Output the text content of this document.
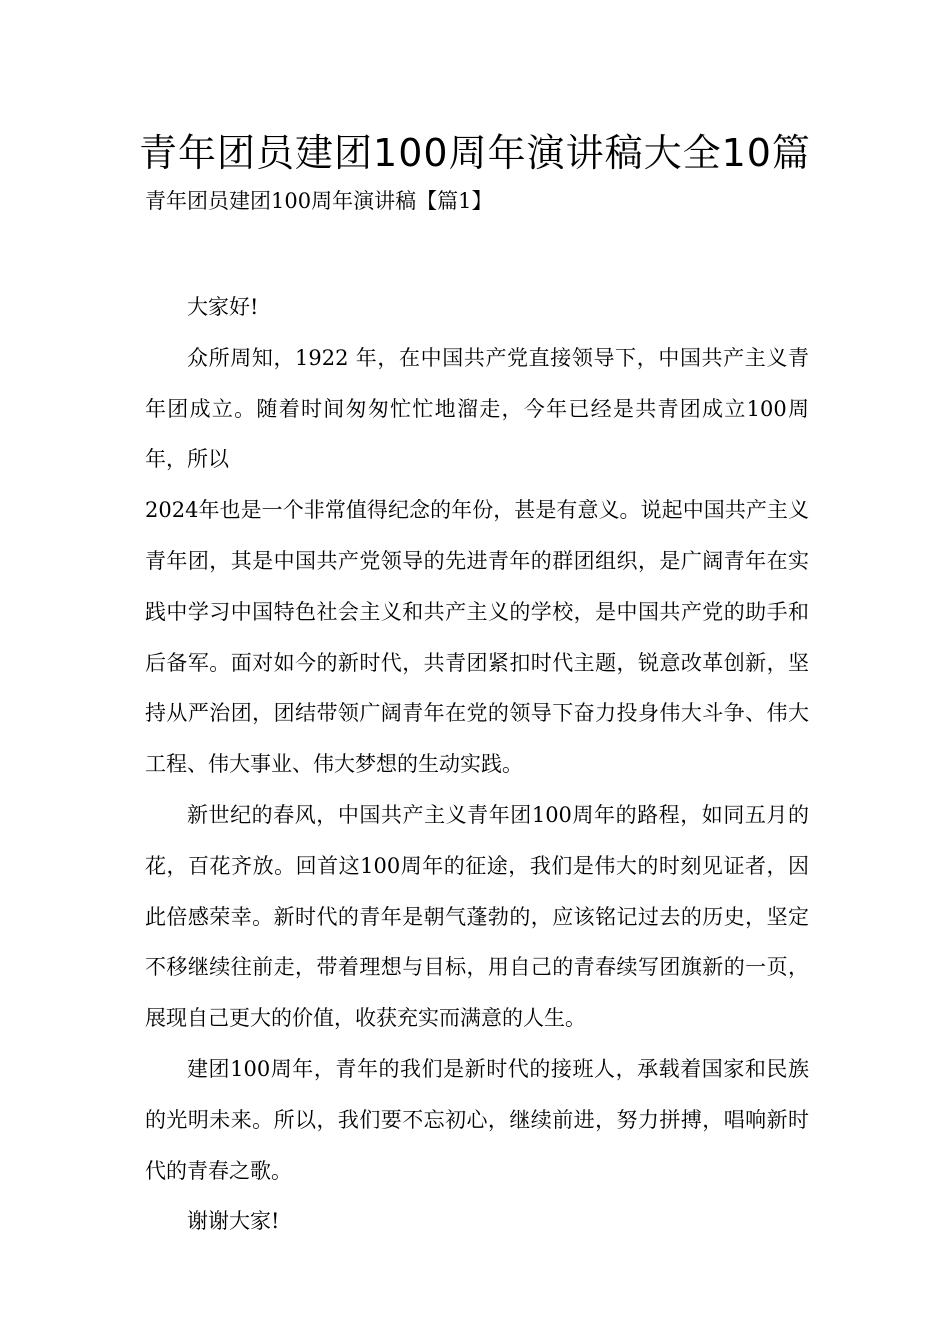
青年团员建团100周年演讲稿大全10篇
青年团员建团100周年演讲稿【篇1】

大家好!

众所周知，1922 年，在中国共产党直接领导下，中国共产主义青年团成立。随着时间匆匆忙忙地溜走，今年已经是共青团成立100周年，所以

2024年也是一个非常值得纪念的年份，甚是有意义。说起中国共产主义青年团，其是中国共产党领导的先进青年的群团组织，是广阔青年在实践中学习中国特色社会主义和共产主义的学校，是中国共产党的助手和后备军。面对如今的新时代，共青团紧扣时代主题，锐意改革创新，坚持从严治团，团结带领广阔青年在党的领导下奋力投身伟大斗争、伟大工程、伟大事业、伟大梦想的生动实践。

新世纪的春风，中国共产主义青年团100周年的路程，如同五月的花，百花齐放。回首这100周年的征途，我们是伟大的时刻见证者，因此倍感荣幸。新时代的青年是朝气蓬勃的，应该铭记过去的历史，坚定不移继续往前走，带着理想与目标，用自己的青春续写团旗新的一页，展现自己更大的价值，收获充实而满意的人生。

建团100周年，青年的我们是新时代的接班人，承载着国家和民族的光明未来。所以，我们要不忘初心，继续前进，努力拼搏，唱响新时代的青春之歌。

谢谢大家!
